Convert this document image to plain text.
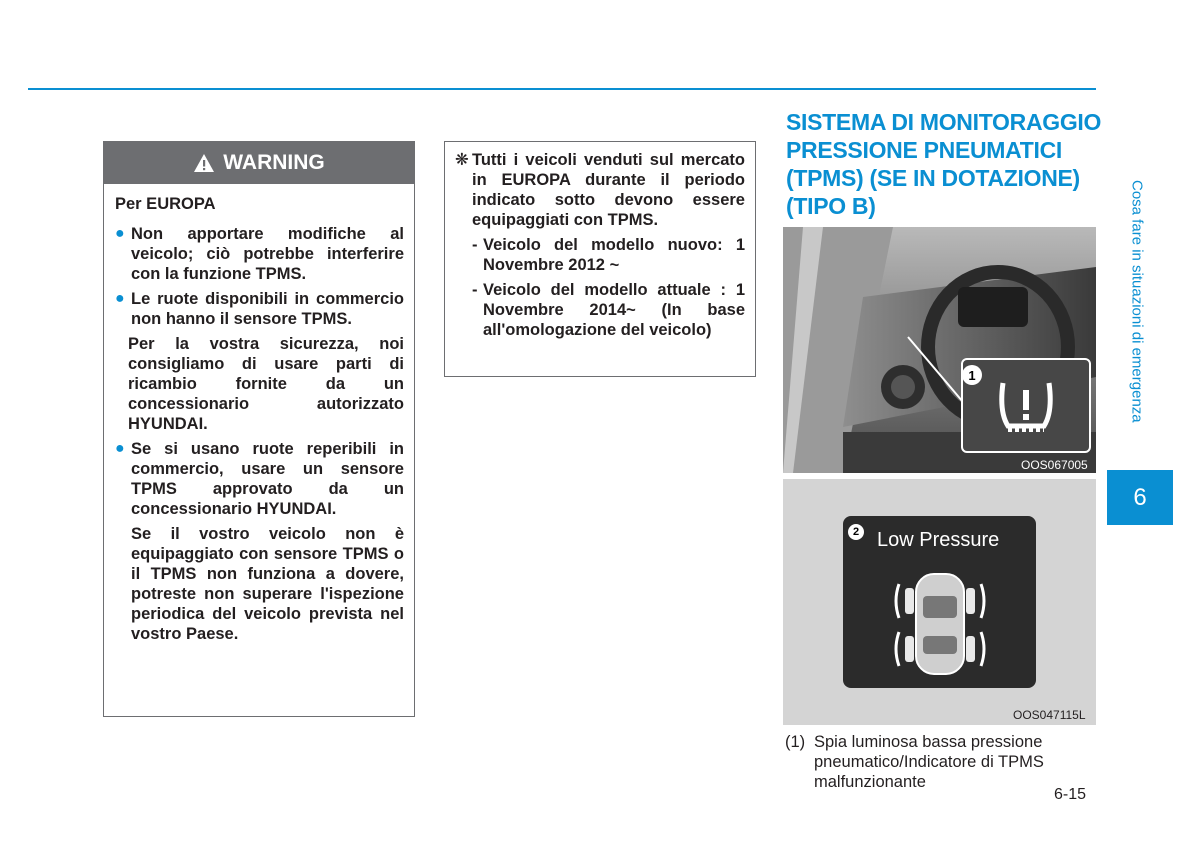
WARNING
Per EUROPA
● Non apportare modifiche al veicolo; ciò potrebbe interferire con la funzione TPMS.
● Le ruote disponibili in commercio non hanno il sensore TPMS.
Per la vostra sicurezza, noi consigliamo di usare parti di ricambio fornite da un concessionario autorizzato HYUNDAI.
● Se si usano ruote reperibili in commercio, usare un sensore TPMS approvato da un concessionario HYUNDAI.
Se il vostro veicolo non è equipaggiato con sensore TPMS o il TPMS non funziona a dovere, potreste non superare l'ispezione periodica del veicolo prevista nel vostro Paese.
❋ Tutti i veicoli venduti sul mercato in EUROPA durante il periodo indicato sotto devono essere equipaggiati con TPMS.
- Veicolo del modello nuovo: 1 Novembre 2012 ~
- Veicolo del modello attuale : 1 Novembre 2014~ (In base all'omologazione del veicolo)
SISTEMA DI MONITORAGGIO PRESSIONE PNEUMATICI (TPMS) (SE IN DOTAZIONE) (TIPO B)
1
OOS067005
2 Low Pressure
OOS047115L
(1) Spia luminosa bassa pressione pneumatico/Indicatore di TPMS malfunzionante
6-15
Cosa fare in situazioni di emergenza
6
